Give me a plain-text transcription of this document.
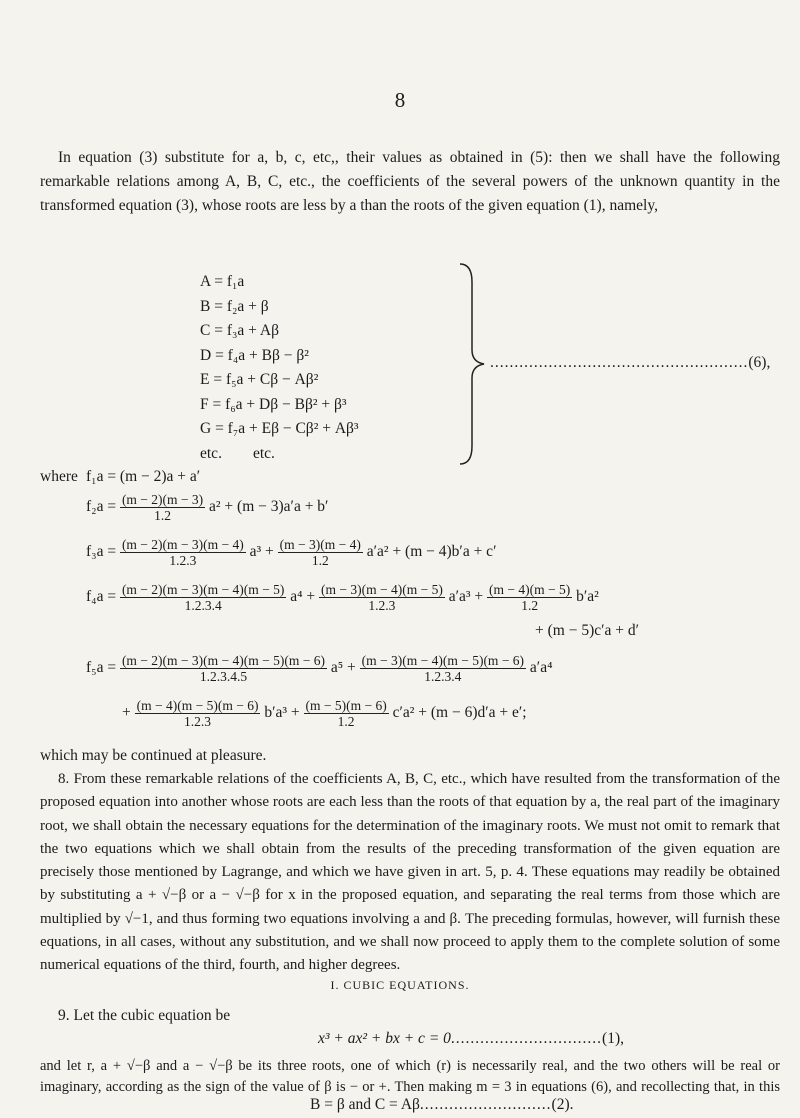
8
In equation (3) substitute for a, b, c, etc,, their values as obtained in (5): then we shall have the following remarkable relations among A, B, C, etc., the coefficients of the several powers of the unknown quantity in the transformed equation (3), whose roots are less by a than the roots of the given equation (1), namely,
A = f₁a
B = f₂a + β
C = f₃a + Aβ
D = f₄a + Bβ − β²
E = f₅a + Cβ − Aβ²
F = f₆a + Dβ − Bβ² + β³
G = f₇a + Eβ − Cβ² + Aβ³
etc.        etc.
.....................................................(6),
where f₁a = (m − 2)a + a′
$f_2a = \frac{(m - 2)(m - 3)}{1.2} a^2 + (m - 3)a'a + b'$
$f_3a = \frac{(m - 2)(m - 3)(m - 4)}{1.2.3} a^3 + \frac{(m - 3)(m - 4)}{1.2} a'a^2 + (m - 4)b'a + c'$
$f_4a = \frac{(m - 2)(m - 3)(m - 4)(m - 5)}{1.2.3.4} a^4 + \frac{(m - 3)(m - 4)(m - 5)}{1.2.3} a'a^3 + \frac{(m - 4)(m - 5)}{1.2} b'a^2$
+ (m − 5)c′a + d′
$f_5a = \frac{(m - 2)(m - 3)(m - 4)(m - 5)(m - 6)}{1.2.3.4.5} a^5 + \frac{(m - 3)(m - 4)(m - 5)(m - 6)}{1.2.3.4} a'a^4$
+ $\frac{(m - 4)(m - 5)(m - 6)}{1.2.3} b'a^3 + \frac{(m - 5)(m - 6)}{1.2} c'a^2 + (m - 6)d'a + e'$;
which may be continued at pleasure.
8. From these remarkable relations of the coefficients A, B, C, etc., which have resulted from the transformation of the proposed equation into another whose roots are each less than the roots of that equation by a, the real part of the imaginary root, we shall obtain the necessary equations for the determination of the imaginary roots. We must not omit to remark that the two equations which we shall obtain from the results of the preceding transformation of the given equation are precisely those mentioned by Lagrange, and which we have given in art. 5, p. 4. These equations may readily be obtained by substituting a + √−β or a − √−β for x in the proposed equation, and separating the real terms from those which are multiplied by √−1, and thus forming two equations involving a and β. The preceding formulas, however, will furnish these equations, in all cases, without any substitution, and we shall now proceed to apply them to the complete solution of some numerical equations of the third, fourth, and higher degrees.
I. CUBIC EQUATIONS.
9. Let the cubic equation be
x³ + ax² + bx + c = 0...............................(1),
and let r, a + √−β and a − √−β be its three roots, one of which (r) is necessarily real, and the two others will be real or imaginary, according as the sign of the value of β is − or +. Then making m = 3 in equations (6), and recollecting that, in this
B = β and C = Aβ...........................(2).
